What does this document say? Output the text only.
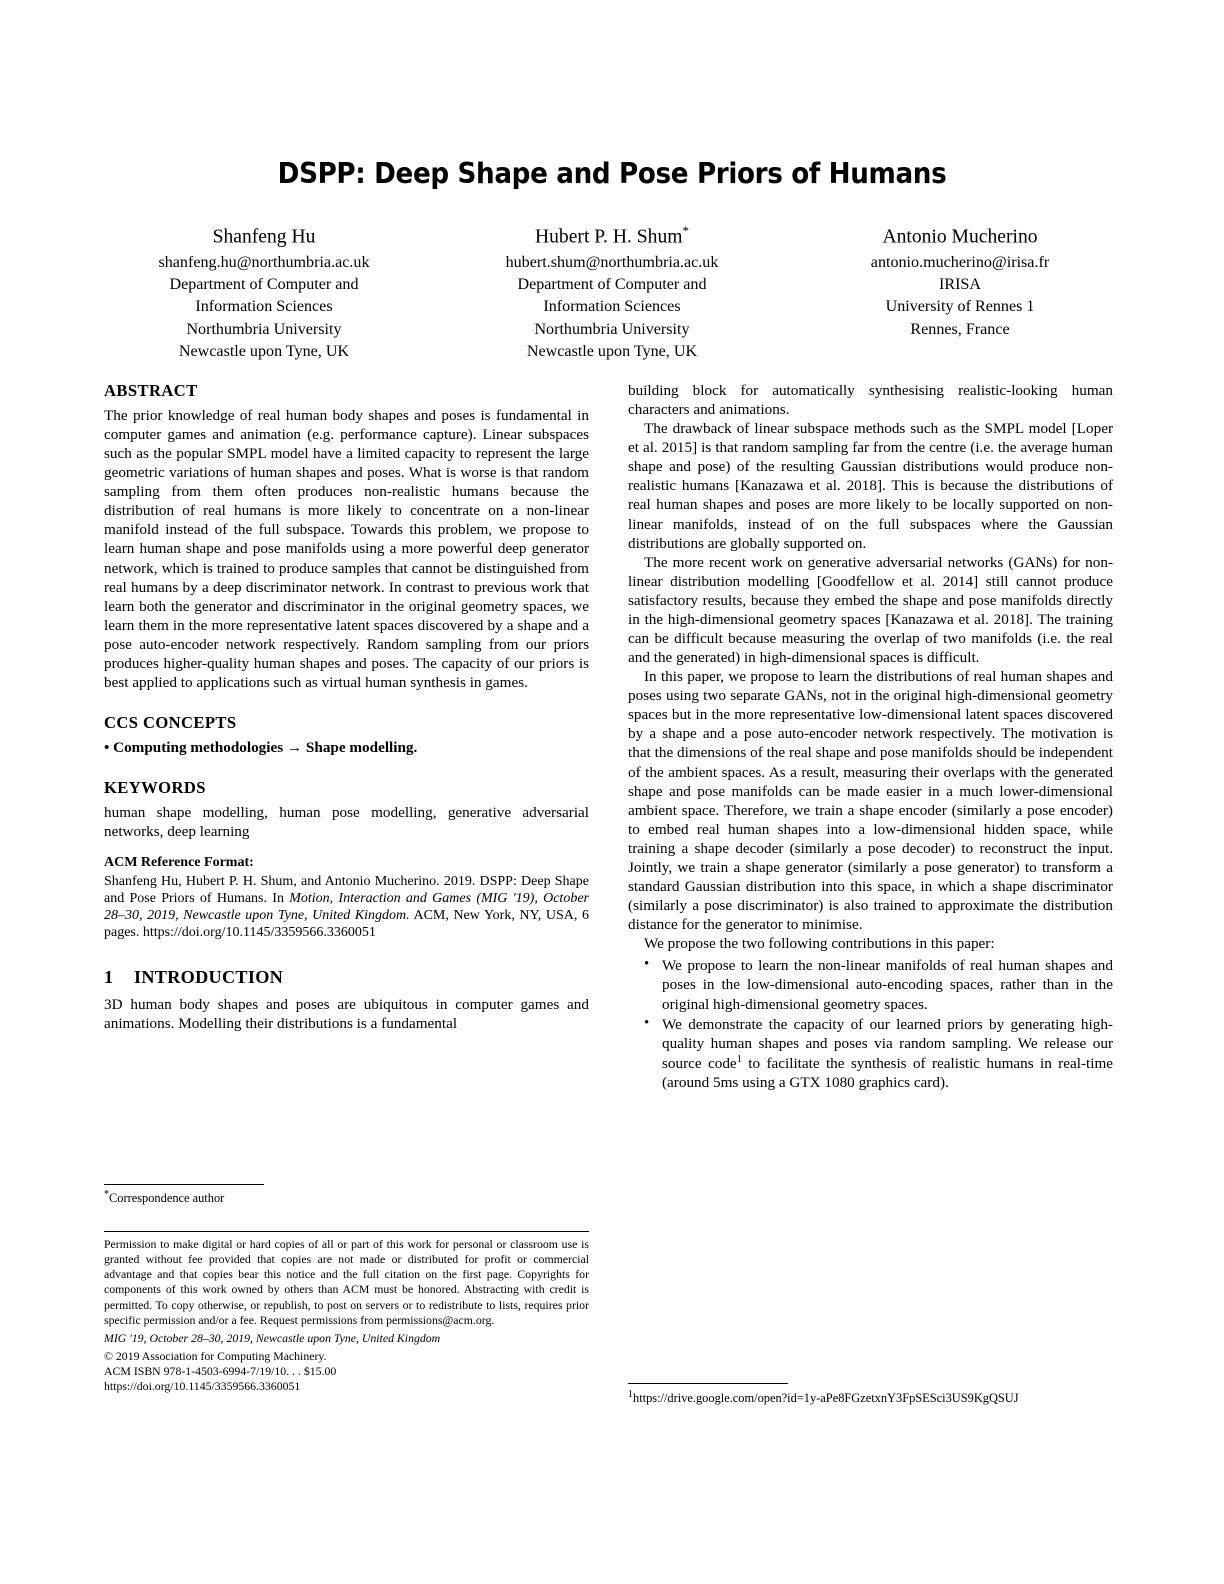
DSPP: Deep Shape and Pose Priors of Humans
Shanfeng Hu
shanfeng.hu@northumbria.ac.uk
Department of Computer and
Information Sciences
Northumbria University
Newcastle upon Tyne, UK
Hubert P. H. Shum*
hubert.shum@northumbria.ac.uk
Department of Computer and
Information Sciences
Northumbria University
Newcastle upon Tyne, UK
Antonio Mucherino
antonio.mucherino@irisa.fr
IRISA
University of Rennes 1
Rennes, France
ABSTRACT

The prior knowledge of real human body shapes and poses is fundamental in computer games and animation (e.g. performance capture). Linear subspaces such as the popular SMPL model have a limited capacity to represent the large geometric variations of human shapes and poses. What is worse is that random sampling from them often produces non-realistic humans because the distribution of real humans is more likely to concentrate on a non-linear manifold instead of the full subspace. Towards this problem, we propose to learn human shape and pose manifolds using a more powerful deep generator network, which is trained to produce samples that cannot be distinguished from real humans by a deep discriminator network. In contrast to previous work that learn both the generator and discriminator in the original geometry spaces, we learn them in the more representative latent spaces discovered by a shape and a pose auto-encoder network respectively. Random sampling from our priors produces higher-quality human shapes and poses. The capacity of our priors is best applied to applications such as virtual human synthesis in games.

CCS CONCEPTS

• Computing methodologies → Shape modelling.

KEYWORDS

human shape modelling, human pose modelling, generative adversarial networks, deep learning

ACM Reference Format:

Shanfeng Hu, Hubert P. H. Shum, and Antonio Mucherino. 2019. DSPP: Deep Shape and Pose Priors of Humans. In Motion, Interaction and Games (MIG '19), October 28–30, 2019, Newcastle upon Tyne, United Kingdom. ACM, New York, NY, USA, 6 pages. https://doi.org/10.1145/3359566.3360051

1 INTRODUCTION

3D human body shapes and poses are ubiquitous in computer games and animations. Modelling their distributions is a fundamental

*Correspondence author

Permission to make digital or hard copies of all or part of this work for personal or classroom use is granted without fee provided that copies are not made or distributed for profit or commercial advantage and that copies bear this notice and the full citation on the first page. Copyrights for components of this work owned by others than ACM must be honored. Abstracting with credit is permitted. To copy otherwise, or republish, to post on servers or to redistribute to lists, requires prior specific permission and/or a fee. Request permissions from permissions@acm.org.

MIG '19, October 28–30, 2019, Newcastle upon Tyne, United Kingdom

© 2019 Association for Computing Machinery.

ACM ISBN 978-1-4503-6994-7/19/10. . . $15.00

https://doi.org/10.1145/3359566.3360051

building block for automatically synthesising realistic-looking human characters and animations.

The drawback of linear subspace methods such as the SMPL model [Loper et al. 2015] is that random sampling far from the centre (i.e. the average human shape and pose) of the resulting Gaussian distributions would produce non-realistic humans [Kanazawa et al. 2018]. This is because the distributions of real human shapes and poses are more likely to be locally supported on non-linear manifolds, instead of on the full subspaces where the Gaussian distributions are globally supported on.

The more recent work on generative adversarial networks (GANs) for non-linear distribution modelling [Goodfellow et al. 2014] still cannot produce satisfactory results, because they embed the shape and pose manifolds directly in the high-dimensional geometry spaces [Kanazawa et al. 2018]. The training can be difficult because measuring the overlap of two manifolds (i.e. the real and the generated) in high-dimensional spaces is difficult.

In this paper, we propose to learn the distributions of real human shapes and poses using two separate GANs, not in the original high-dimensional geometry spaces but in the more representative low-dimensional latent spaces discovered by a shape and a pose auto-encoder network respectively. The motivation is that the dimensions of the real shape and pose manifolds should be independent of the ambient spaces. As a result, measuring their overlaps with the generated shape and pose manifolds can be made easier in a much lower-dimensional ambient space. Therefore, we train a shape encoder (similarly a pose encoder) to embed real human shapes into a low-dimensional hidden space, while training a shape decoder (similarly a pose decoder) to reconstruct the input. Jointly, we train a shape generator (similarly a pose generator) to transform a standard Gaussian distribution into this space, in which a shape discriminator (similarly a pose discriminator) is also trained to approximate the distribution distance for the generator to minimise.

We propose the two following contributions in this paper:

• We propose to learn the non-linear manifolds of real human shapes and poses in the low-dimensional auto-encoding spaces, rather than in the original high-dimensional geometry spaces.
• We demonstrate the capacity of our learned priors by generating high-quality human shapes and poses via random sampling. We release our source code$^1$ to facilitate the synthesis of realistic humans in real-time (around 5ms using a GTX 1080 graphics card).
$^1$https://drive.google.com/open?id=1y-aPe8FGzetxnY3FpSESci3US9KgQSUJ
